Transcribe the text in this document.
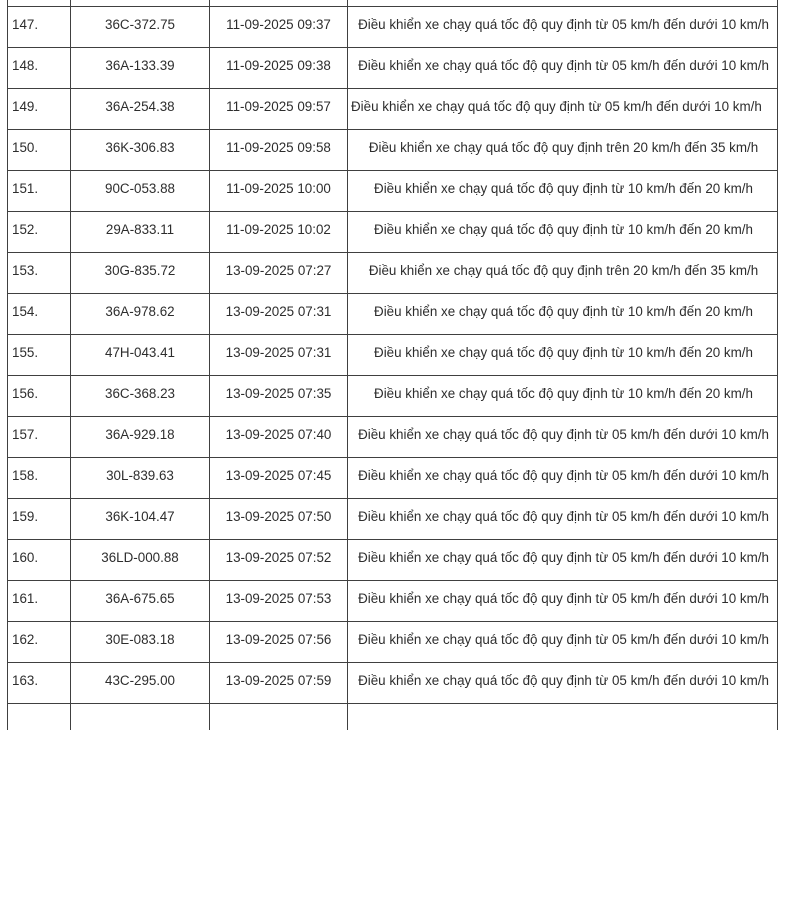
147.	36C-372.75	11-09-2025 09:37	Điều khiển xe chạy quá tốc độ quy định từ 05 km/h đến dưới 10 km/h
148.	36A-133.39	11-09-2025 09:38	Điều khiển xe chạy quá tốc độ quy định từ 05 km/h đến dưới 10 km/h
149.	36A-254.38	11-09-2025 09:57	Điều khiển xe chạy quá tốc độ quy định từ 05 km/h đến dưới 10 km/h
150.	36K-306.83	11-09-2025 09:58	Điều khiển xe chạy quá tốc độ quy định trên 20 km/h đến 35 km/h
151.	90C-053.88	11-09-2025 10:00	Điều khiển xe chạy quá tốc độ quy định từ 10 km/h đến 20 km/h
152.	29A-833.11	11-09-2025 10:02	Điều khiển xe chạy quá tốc độ quy định từ 10 km/h đến 20 km/h
153.	30G-835.72	13-09-2025 07:27	Điều khiển xe chạy quá tốc độ quy định trên 20 km/h đến 35 km/h
154.	36A-978.62	13-09-2025 07:31	Điều khiển xe chạy quá tốc độ quy định từ 10 km/h đến 20 km/h
155.	47H-043.41	13-09-2025 07:31	Điều khiển xe chạy quá tốc độ quy định từ 10 km/h đến 20 km/h
156.	36C-368.23	13-09-2025 07:35	Điều khiển xe chạy quá tốc độ quy định từ 10 km/h đến 20 km/h
157.	36A-929.18	13-09-2025 07:40	Điều khiển xe chạy quá tốc độ quy định từ 05 km/h đến dưới 10 km/h
158.	30L-839.63	13-09-2025 07:45	Điều khiển xe chạy quá tốc độ quy định từ 05 km/h đến dưới 10 km/h
159.	36K-104.47	13-09-2025 07:50	Điều khiển xe chạy quá tốc độ quy định từ 05 km/h đến dưới 10 km/h
160.	36LD-000.88	13-09-2025 07:52	Điều khiển xe chạy quá tốc độ quy định từ 05 km/h đến dưới 10 km/h
161.	36A-675.65	13-09-2025 07:53	Điều khiển xe chạy quá tốc độ quy định từ 05 km/h đến dưới 10 km/h
162.	30E-083.18	13-09-2025 07:56	Điều khiển xe chạy quá tốc độ quy định từ 05 km/h đến dưới 10 km/h
163.	43C-295.00	13-09-2025 07:59	Điều khiển xe chạy quá tốc độ quy định từ 05 km/h đến dưới 10 km/h
